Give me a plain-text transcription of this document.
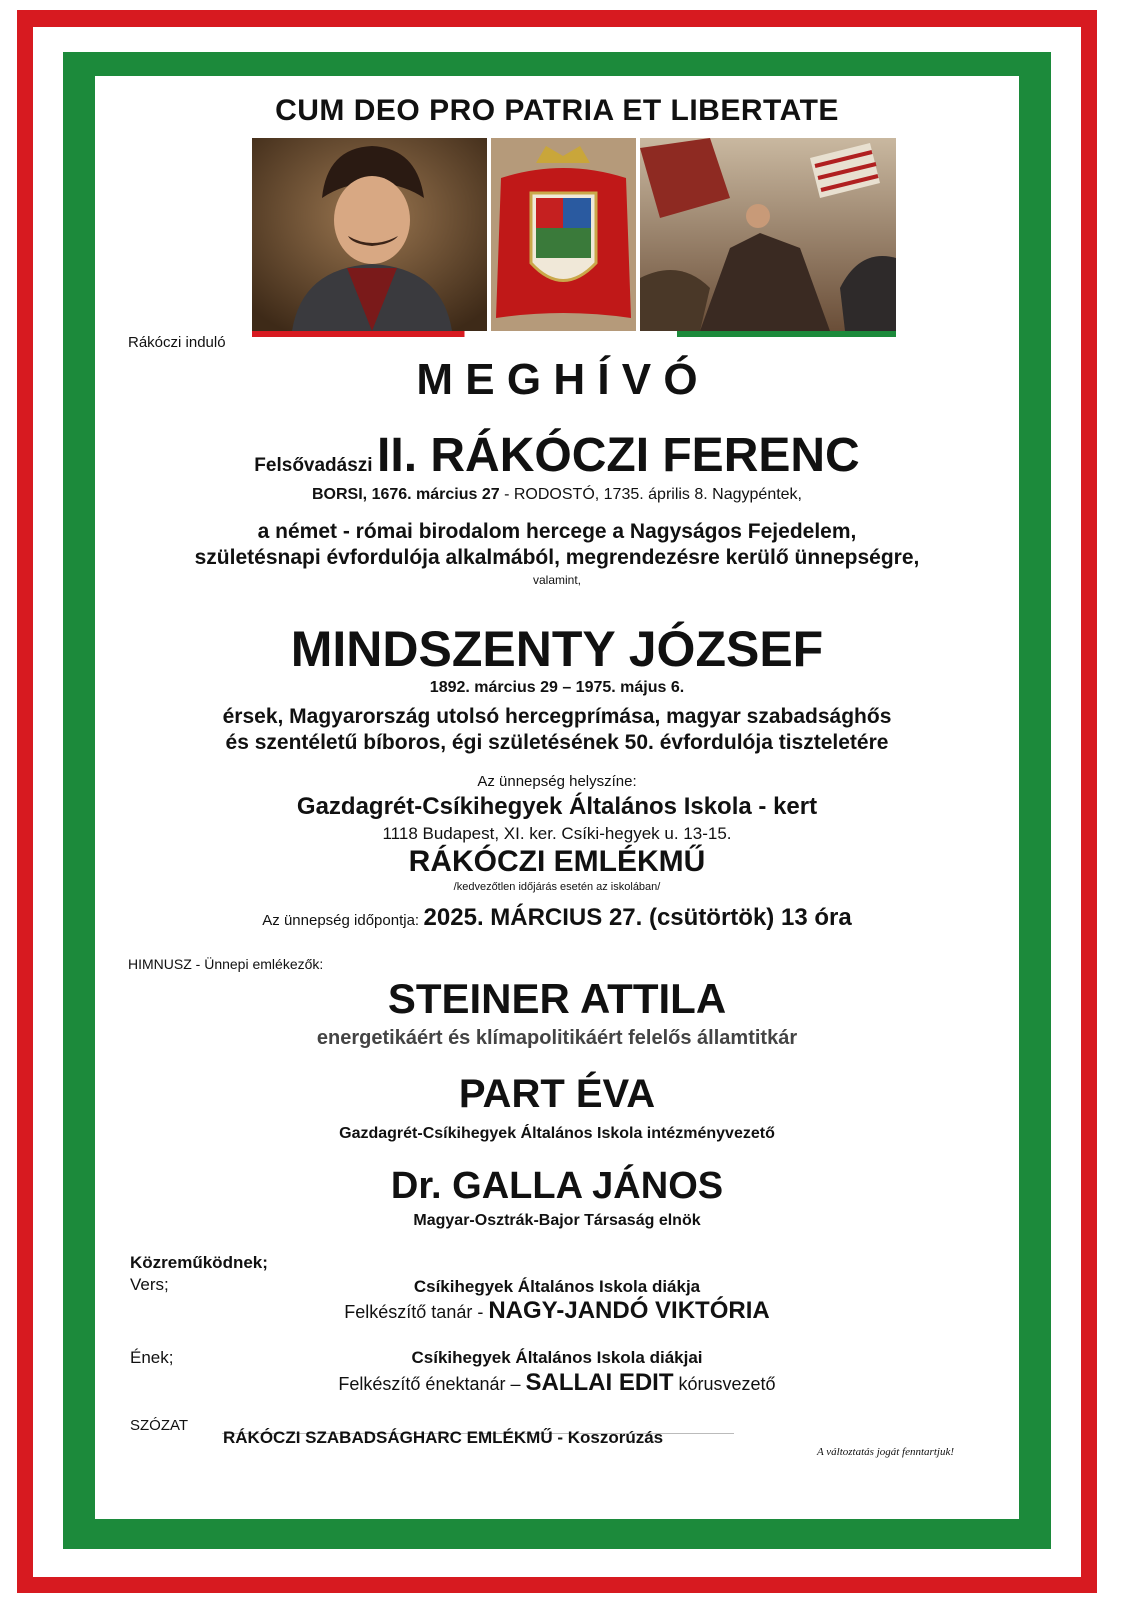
CUM DEO PRO PATRIA ET LIBERTATE
Rákóczi induló
M E G H Í V Ó
Felsővadászi II. RÁKÓCZI FERENC
BORSI, 1676. március 27 - RODOSTÓ, 1735. április 8. Nagypéntek,
a német - római birodalom hercege a Nagyságos Fejedelem,
születésnapi évfordulója alkalmából, megrendezésre kerülő ünnepségre,
valamint,
MINDSZENTY JÓZSEF
1892. március 29 – 1975. május 6.
érsek, Magyarország utolsó hercegprímása, magyar szabadsághős
és szentéletű bíboros, égi születésének 50. évfordulója tiszteletére
Az ünnepség helyszíne:
Gazdagrét-Csíkihegyek Általános Iskola - kert
1118 Budapest, XI. ker. Csíki-hegyek u. 13-15.
RÁKÓCZI EMLÉKMŰ
/kedvezőtlen időjárás esetén az iskolában/
Az ünnepség időpontja: 2025. MÁRCIUS 27. (csütörtök) 13 óra
HIMNUSZ - Ünnepi emlékezők:
STEINER ATTILA
energetikáért és klímapolitikáért felelős államtitkár
PART ÉVA
Gazdagrét-Csíkihegyek Általános Iskola intézményvezető
Dr. GALLA JÁNOS
Magyar-Osztrák-Bajor Társaság elnök
Közreműködnek;
Vers;	Csíkihegyek Általános Iskola diákja
Felkészítő tanár - NAGY-JANDÓ VIKTÓRIA
Ének;	Csíkihegyek Általános Iskola diákjai
Felkészítő énektanár – SALLAI EDIT kórusvezető
SZÓZAT
RÁKÓCZI SZABADSÁGHARC EMLÉKMŰ - Koszorúzás
A változtatás jogát fenntartjuk!
